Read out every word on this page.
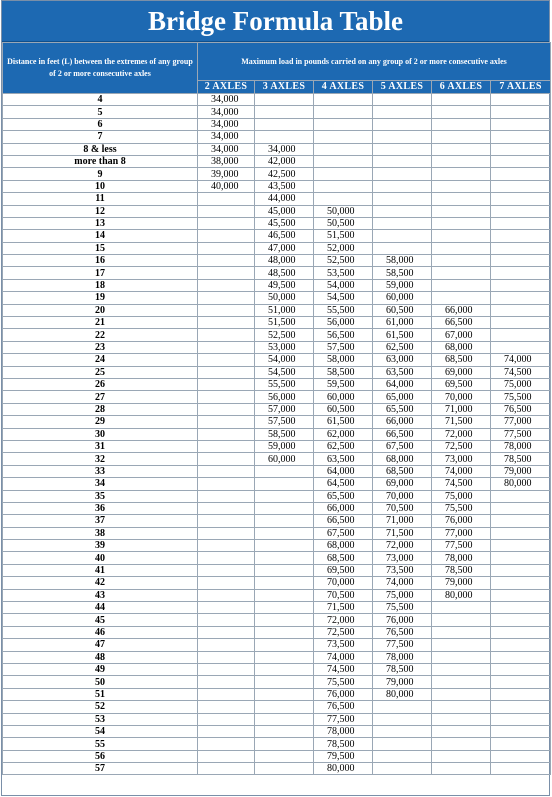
Bridge Formula Table
Distance in feet (L) between the extremes of any group of 2 or more consecutive axles	Maximum load in pounds carried on any group of 2 or more consecutive axles					
	2 AXLES	3 AXLES	4 AXLES	5 AXLES	6 AXLES	7 AXLES
4	34,000					
5	34,000					
6	34,000					
7	34,000					
8 & less	34,000	34,000				
more than 8	38,000	42,000				
9	39,000	42,500				
10	40,000	43,500				
11		44,000				
12		45,000	50,000			
13		45,500	50,500			
14		46,500	51,500			
15		47,000	52,000			
16		48,000	52,500	58,000		
17		48,500	53,500	58,500		
18		49,500	54,000	59,000		
19		50,000	54,500	60,000		
20		51,000	55,500	60,500	66,000	
21		51,500	56,000	61,000	66,500	
22		52,500	56,500	61,500	67,000	
23		53,000	57,500	62,500	68,000	
24		54,000	58,000	63,000	68,500	74,000
25		54,500	58,500	63,500	69,000	74,500
26		55,500	59,500	64,000	69,500	75,000
27		56,000	60,000	65,000	70,000	75,500
28		57,000	60,500	65,500	71,000	76,500
29		57,500	61,500	66,000	71,500	77,000
30		58,500	62,000	66,500	72,000	77,500
31		59,000	62,500	67,500	72,500	78,000
32		60,000	63,500	68,000	73,000	78,500
33			64,000	68,500	74,000	79,000
34			64,500	69,000	74,500	80,000
35			65,500	70,000	75,000	
36			66,000	70,500	75,500	
37			66,500	71,000	76,000	
38			67,500	71,500	77,000	
39			68,000	72,000	77,500	
40			68,500	73,000	78,000	
41			69,500	73,500	78,500	
42			70,000	74,000	79,000	
43			70,500	75,000	80,000	
44			71,500	75,500		
45			72,000	76,000		
46			72,500	76,500		
47			73,500	77,500		
48			74,000	78,000		
49			74,500	78,500		
50			75,500	79,000		
51			76,000	80,000		
52			76,500			
53			77,500			
54			78,000			
55			78,500			
56			79,500			
57			80,000			
